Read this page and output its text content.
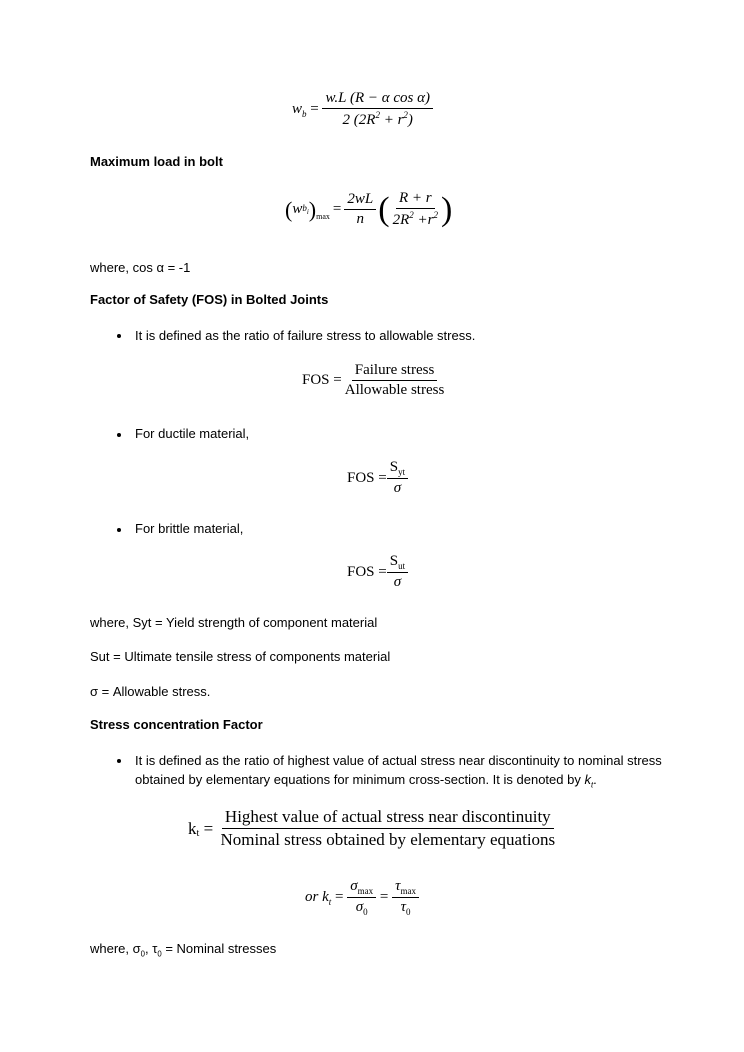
$w_b = \frac{\text{w.L (R − α cos α)}}{2 (2R^2 + r^2)}$
Maximum load in bolt
( w $b_i$ )$_{max} = \frac{2wL}{n}$ ( $\frac{R + r}{2R^2 +r^2}$ )
where, cos α = -1
Factor of Safety (FOS) in Bolted Joints
It is defined as the ratio of failure stress to allowable stress.
FOS = $\frac{\text{Failure stress}}{\text{Allowable stress}}$
For ductile material,
FOS = $\frac{S_{yt}}{\sigma}$
For brittle material,
FOS = $\frac{S_{ut}}{\sigma}$
where, Syt = Yield strength of component material
Sut = Ultimate tensile stress of components material
σ = Allowable stress.
Stress concentration Factor
It is defined as the ratio of highest value of actual stress near discontinuity to nominal stress
obtained by elementary equations for minimum cross-section. It is denoted by $k_t$.
$k_t = \frac{\text{Highest value of actual stress near discontinuity}}{\text{Nominal stress obtained by elementary equations}}$
or $k_t = \frac{\sigma_{max}}{\sigma_0} = \frac{\tau_{max}}{\tau_0}$
where, $\sigma_0$, $\tau_0$ = Nominal stresses
